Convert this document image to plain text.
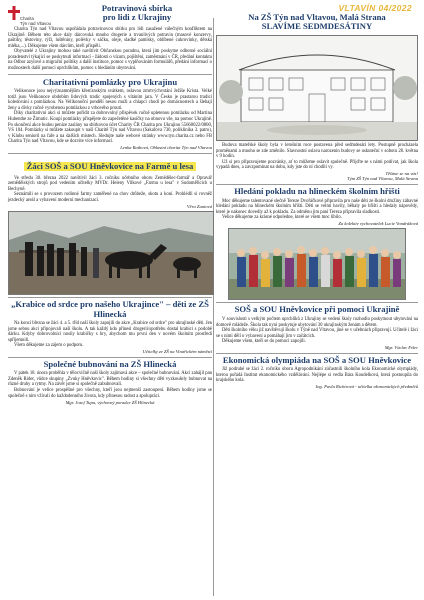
VLTAVÍN 04/2022
Charita
Týn nad Vltavou
Potravinová sbírka
pro lidi z Ukrajiny

Charita Týn nad Vltavou uspořádala potravinovou sbírku pro lidi zasažené válečným konfliktem na Ukrajině. Během této akce daly dárcovská mnoho drogerie a trvanlivých potravin (masové konzervy, paštiky, těstoviny, rýži, luštěniny, polévky v sáčku, oleje, sladké pamlsky, oblíbené cukrovinky, dětská mléka,...). Děkujeme všem dárcům, kteří přispěli.

Obyvatelé z Ukrajiny mohou také navštívit Občanskou poradnu, která jim poskytne odborné sociální poradenství týkající se poskytnutí informací - žádosti o vízum, pojištění, zaměstnání v ČR, předání kontaktu na Odbor azylové a migrační politiky a další instituce, pomoc s vyplňováním formulářů, předání informací o možnostech další pomoci uprchlíkům, pomoc s hledáním ubytování.

Charitativní pomlázky pro Ukrajinu

Velikonoce jsou nejvýznamnějším křesťanským svátkem, oslavou zmrtvýchvstání Ježíše Krista. Velké totiž jsou Velikonoce obdobím lidových tradic spojených s vítáním jara. V Česku je prastarou tradicí koledování s pomlázkou. Na Velikonoční pondělí nesou muži a chlapci chodí po domácnostech a šlehají ženy a dívky ručně vyrobenou pomlázkou z vrbového proutí.

Díky charitativní akci si můžete pořídit za dobrovolný příspěvek ručně upletenou pomlázku od Martina Hubenthe ze Žimutic. Koupí pomlázky přispějete do zapečetěné kasičky na obnovu vše, na pomoc Ukrajině. Po skončení akce budou peníze zaslány na sbírkovou účet Charity ČR Charita pro Ukrajinu 55660022/0800, VS 104. Pomlázky si můžete zakoupit v naší Charitě Týn nad Vltavou (Sakařova 730, poliklinika 3. patro), v Klubu seniorů na faře a na dalších místech. Sledujte naše webové stránky www.tyn.charita.cz nebo FB Charita Týn nad Vltavou, kde se dozvíte více informací.

Lenka Rathová, Oblastní charita Týn nad Vltavou

Žáci SOŠ a SOU Hněvkovice na Farmě u lesa

Ve středu 30. března 2022 navštívil žáci 3. ročníku učebního oboru Zemědělec-farmář a Opravář zemědělských strojů pod vedením učitelky MVDr. Heleny Vilkové „Farmu u lesa" v Sudoměřicích u Bechyně.

Seznámili se s provozem rodinné farmy zaměřené na chov drůbeže, skotu a koní. Prohlédli si rovněž jezdecký areál a vybavení moderní mechanizací.

Věra Zuntová

„Krabice od srdce pro našeho Ukrajince" – děti ze ZŠ Hlinecká

Na konci března se žáci 4. a 5. tříd naší školy zapojili do akce „Krabice od srdce" pro ukrajinské děti. Jen jsme sebou akci připojovali naši školu. A tak každý kdo přinesl drogerii/spotřebu dostal krabici s podobě dárku. Kdyby dobrovolníci nosily krabičky s hry, abychom mu první den v novém školním prostředí spříjemnili.

Všem děkujeme za zájem o podporu.

Učitelky ze ZŠ na Vinařickém náměstí

Společné bubnování na ZŠ Hlinecká

V pátek 18. února proběhla v tělocvičně naší školy zajímavá akce – společné bubnování. Akci zahájil pan Zdeněk Rider, vůdce skupiny „Zvuky Hněvkovic". Během hodiny si všechny děti vyzkoušely bubnovat na různé druhy a rytmy. Na závěr jsme si společně zabubnovali.

Bubnování je velice prospěšné pro všechny, kteří jsou nejmenší zastoupení. Během hodiny jsme se společně s ním vžívali do každodenního života, kdy přinesou radost a spolupráci.

Mgr. Josef Tupa, výchovný poradce ZŠ Hlinecká

Na ZŠ Týn nad Vltavou, Malá Strana
SLAVÍME SEDMDESÁTINY

Budova mateřské školy byla v letošním roce postavena před sedmdesáti lety. Postupně procházela proměnami a mnoho se zde změnilo. Slavnostní oslava narozenin budovy se uskuteční v sobotu 28. května v 9 hodin.

Už si pro připravujeme pozvánky, ať to můžeme oslavit společně. Přijďte se s námi podívat, jak škola vypadá dnes, a zavzpomínat na dobu, kdy jste do ní chodili vy.

Těšíme se na vás!

Tým ZŠ Týn nad Vltavou, Malá Strana

Hledání pokladu na hlineckém školním hřišti

Moc děkujeme talentované slečně Tereze Dvořáčkové připravila pro naše děti ze školní družiny zábavné hledání pokladu na hlineckém školním hřišti. Děti se velmi bavily, běhaly po hřišti a hledaly nápovědy, které je nakonec dovedly až k pokladu. Za odměnu jim paní Tereza připravila sladkosti.

Velice děkujeme za krásné odpoledne, které se všem moc líbilo.

Za kolektiv vychovatelek Lucie Vondráková

SOŠ a SOU Hněvkovice při pomoci Ukrajině

V souvislosti s velkým počtem uprchlíků z Ukrajiny se vedení školy rozhodlo poskytnout ubytování na domově mládeže. Škola tak nyní poskytuje ubytování 30 ukrajinským ženám a dětem.

Děti školního věku již navštěvují školu v Týně nad Vltavou, jiné se v učebnách připravují. Učitelé i žáci se s nimi dělí o vybavení a pomáhají jim v začátcích.

Děkujeme všem, kteří se do pomoci zapojili.

Mgr. Václav Fišer

Ekonomická olympiáda na SOŠ a SOU Hněvkovice

Již podruhé se žáci 2. ročníku oboru Agropodnikání zúčastnili školního kola Ekonomické olympiády, kterou pořádá Institut ekonomického vzdělávání. Nejlépe si vedla Bára Koudelková, která postoupila do krajského kola.

Ing. Pavla Richtrová - učitelka ekonomických předmětů
